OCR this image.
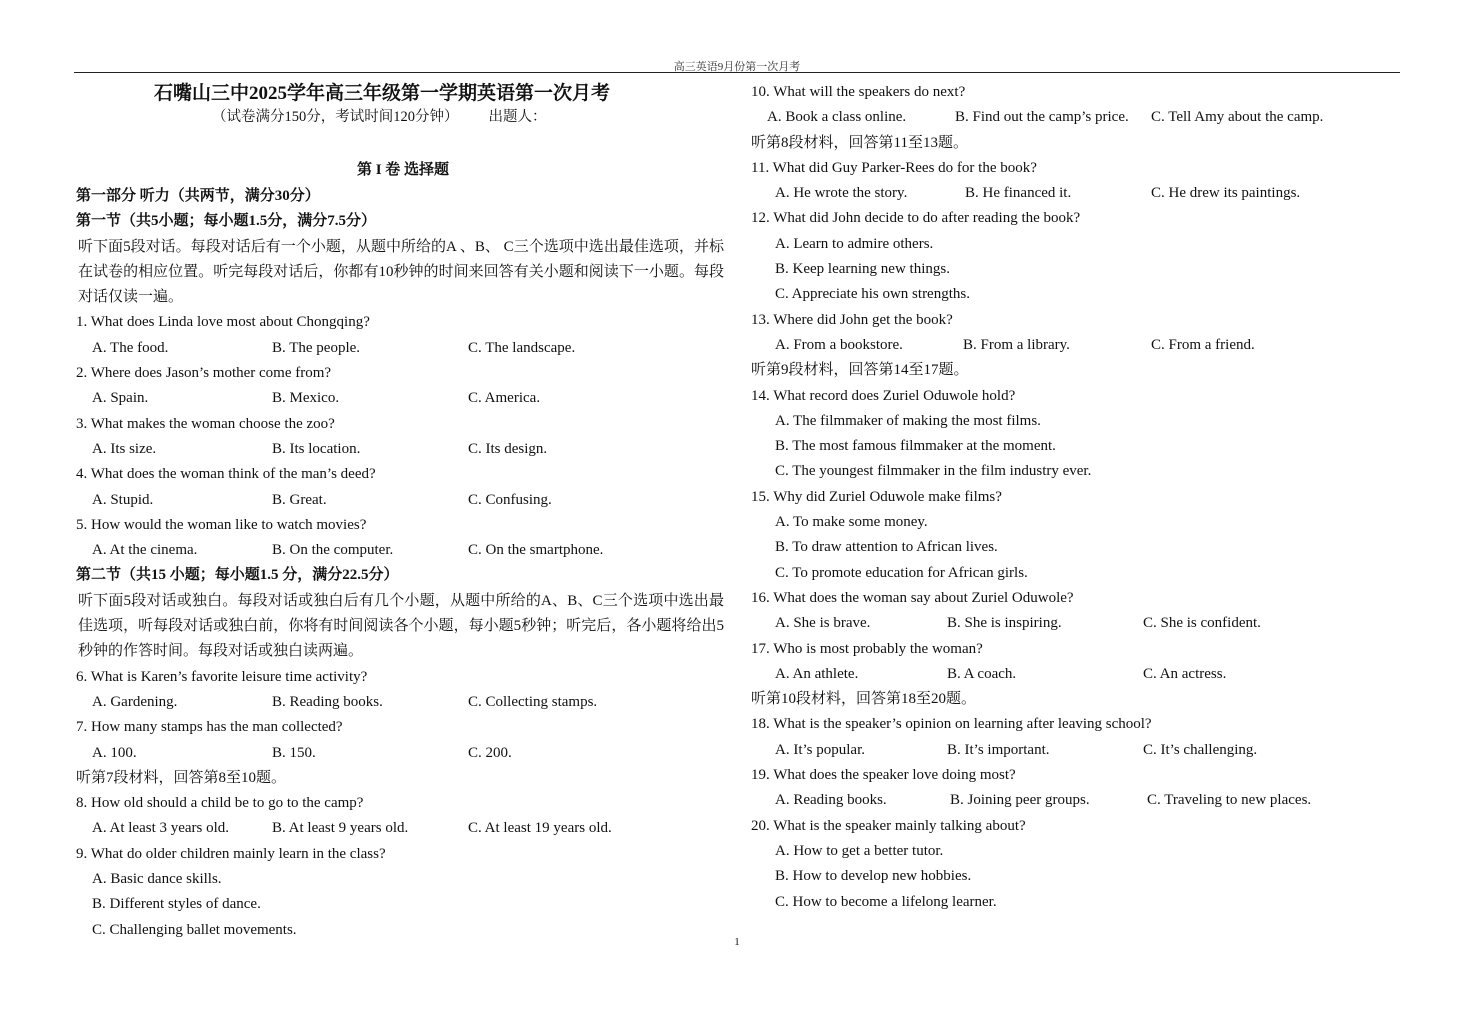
高三英语9月份第一次月考
石嘴山三中2025学年高三年级第一学期英语第一次月考
（试卷满分150分，考试时间120分钟） 出题人：
第 I 卷 选择题
第一部分 听力（共两节，满分30分）
第一节（共5小题；每小题1.5分，满分7.5分）
听下面5段对话。每段对话后有一个小题，从题中所给的A 、B、 C三个选项中选出最佳选项，并标在试卷的相应位置。听完每段对话后，你都有10秒钟的时间来回答有关小题和阅读下一小题。每段对话仅读一遍。
1. What does Linda love most about Chongqing?
A. The food.	B. The people.	C. The landscape.
2. Where does Jason’s mother come from?
A. Spain.	B. Mexico.	C. America.
3. What makes the woman choose the zoo?
A. Its size.	B. Its location.	C. Its design.
4. What does the woman think of the man’s deed?
A. Stupid.	B. Great.	C. Confusing.
5. How would the woman like to watch movies?
A. At the cinema.	B. On the computer.	C. On the smartphone.
第二节（共15 小题；每小题1.5 分，满分22.5分）
听下面5段对话或独白。每段对话或独白后有几个小题，从题中所给的A、B、C三个选项中选出最佳选项，听每段对话或独白前，你将有时间阅读各个小题，每小题5秒钟；听完后，各小题将给出5秒钟的作答时间。每段对话或独白读两遍。
6. What is Karen’s favorite leisure time activity?
A. Gardening.	B. Reading books.	C. Collecting stamps.
7. How many stamps has the man collected?
A. 100.	B. 150.	C. 200.
听第7段材料，回答第8至10题。
8. How old should a child be to go to the camp?
A. At least 3 years old.	B. At least 9 years old.	C. At least 19 years old.
9. What do older children mainly learn in the class?
A. Basic dance skills.
B. Different styles of dance.
C. Challenging ballet movements.
10. What will the speakers do next?
A. Book a class online.	B. Find out the camp’s price. C. Tell Amy about the camp.
听第8段材料，回答第11至13题。
11. What did Guy Parker-Rees do for the book?
A. He wrote the story.	B. He financed it.	C. He drew its paintings.
12. What did John decide to do after reading the book?
A. Learn to admire others.
B. Keep learning new things.
C. Appreciate his own strengths.
13. Where did John get the book?
A. From a bookstore.	B. From a library.	C. From a friend.
听第9段材料，回答第14至17题。
14. What record does Zuriel Oduwole hold?
A. The filmmaker of making the most films.
B. The most famous filmmaker at the moment.
C. The youngest filmmaker in the film industry ever.
15. Why did Zuriel Oduwole make films?
A. To make some money.
B. To draw attention to African lives.
C. To promote education for African girls.
16. What does the woman say about Zuriel Oduwole?
A. She is brave.	B. She is inspiring.	C. She is confident.
17. Who is most probably the woman?
A. An athlete.	B. A coach.	C. An actress.
听第10段材料，回答第18至20题。
18. What is the speaker’s opinion on learning after leaving school?
A. It’s popular.	B. It’s important.	C. It’s challenging.
19. What does the speaker love doing most?
A. Reading books.	B. Joining peer groups.	C. Traveling to new places.
20. What is the speaker mainly talking about?
A. How to get a better tutor.
B. How to develop new hobbies.
C. How to become a lifelong learner.
1
